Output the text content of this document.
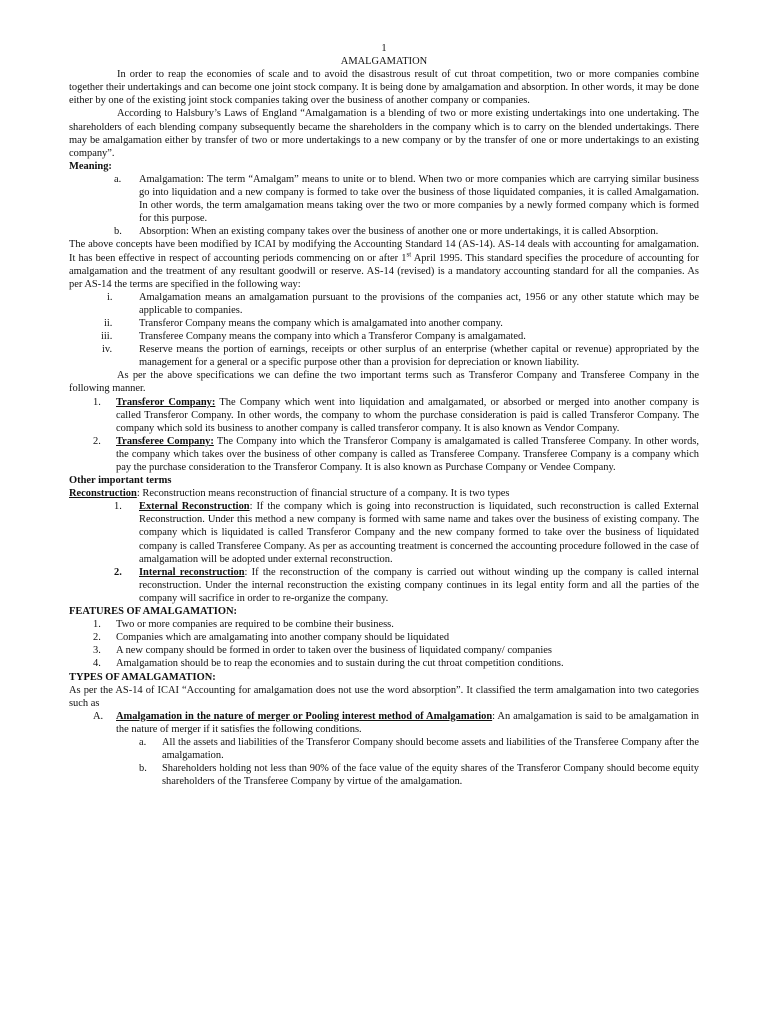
1
AMALGAMATION

In order to reap the economies of scale and to avoid the disastrous result of cut throat competition, two or more companies combine together their undertakings and can become one joint stock company. It is being done by amalgamation and absorption. In other words, it may be done either by one of the existing joint stock companies taking over the business of another company or companies.

According to Halsbury’s Laws of England “Amalgamation is a blending of two or more existing undertakings into one undertaking. The shareholders of each blending company subsequently became the shareholders in the company which is to carry on the blended undertakings. There may be amalgamation either by transfer of two or more undertakings to a new company or by the transfer of one or more undertakings to an existing company”.

Meaning:
a. Amalgamation: The term “Amalgam” means to unite or to blend. When two or more companies which are carrying similar business go into liquidation and a new company is formed to take over the business of those liquidated companies, it is called Amalgamation. In other words, the term amalgamation means taking over the two or more companies by a newly formed company which is formed for this purpose.
b. Absorption: When an existing company takes over the business of another one or more undertakings, it is called Absorption.

The above concepts have been modified by ICAI by modifying the Accounting Standard 14 (AS-14). AS-14 deals with accounting for amalgamation. It has been effective in respect of accounting periods commencing on or after 1st April 1995. This standard specifies the procedure of accounting for amalgamation and the treatment of any resultant goodwill or reserve. AS-14 (revised) is a mandatory accounting standard for all the companies. As per AS-14 the terms are specified in the following way:

i.	Amalgamation means an amalgamation pursuant to the provisions of the companies act, 1956 or any other statute which may be applicable to companies.
ii.	Transferor Company means the company which is amalgamated into another company.
iii.	Transferee Company means the company into which a Transferor Company is amalgamated.
iv.	Reserve means the portion of earnings, receipts or other surplus of an enterprise (whether capital or revenue) appropriated by the management for a general or a specific purpose other than a provision for depreciation or known liability.

As per the above specifications we can define the two important terms such as Transferor Company and Transferee Company in the following manner.

1. Transferor Company: The Company which went into liquidation and amalgamated, or absorbed or merged into another company is called Transferor Company. In other words, the company to whom the purchase consideration is paid is called Transferor Company. The company which sold its business to another company is called transferor company. It is also known as Vendor Company.
2. Transferee Company: The Company into which the Transferor Company is amalgamated is called Transferee Company. In other words, the company which takes over the business of other company is called as Transferee Company. Transferee Company is a company which pay the purchase consideration to the Transferor Company. It is also known as Purchase Company or Vendee Company.
Other important terms

Reconstruction: Reconstruction means reconstruction of financial structure of a company. It is two types

1. External Reconstruction: If the company which is going into reconstruction is liquidated, such reconstruction is called External Reconstruction. Under this method a new company is formed with same name and takes over the business of existing company. The company which is liquidated is called Transferor Company and the new company formed to take over the business of liquidated company is called Transferee Company. As per as accounting treatment is concerned the accounting procedure followed in the case of amalgamation will be adopted under external reconstruction.
2. Internal reconstruction: If the reconstruction of the company is carried out without winding up the company is called internal reconstruction. Under the internal reconstruction the existing company continues in its legal entity form and all the parties of the company will sacrifice in order to re-organize the company.
FEATURES OF AMALGAMATION:
1. Two or more companies are required to be combine their business.
2. Companies which are amalgamating into another company should be liquidated
3. A new company should be formed in order to taken over the business of liquidated company/ companies
4. Amalgamation should be to reap the economies and to sustain during the cut throat competition conditions.
TYPES OF AMALGAMATION:

As per the AS-14 of ICAI “Accounting for amalgamation does not use the word absorption”. It classified the term amalgamation into two categories such as

A. Amalgamation in the nature of merger or Pooling interest method of Amalgamation: An amalgamation is said to be amalgamation in the nature of merger if it satisfies the following conditions.
a. All the assets and liabilities of the Transferor Company should become assets and liabilities of the Transferee Company after the amalgamation.
b. Shareholders holding not less than 90% of the face value of the equity shares of the Transferor Company should become equity shareholders of the Transferee Company by virtue of the amalgamation.
